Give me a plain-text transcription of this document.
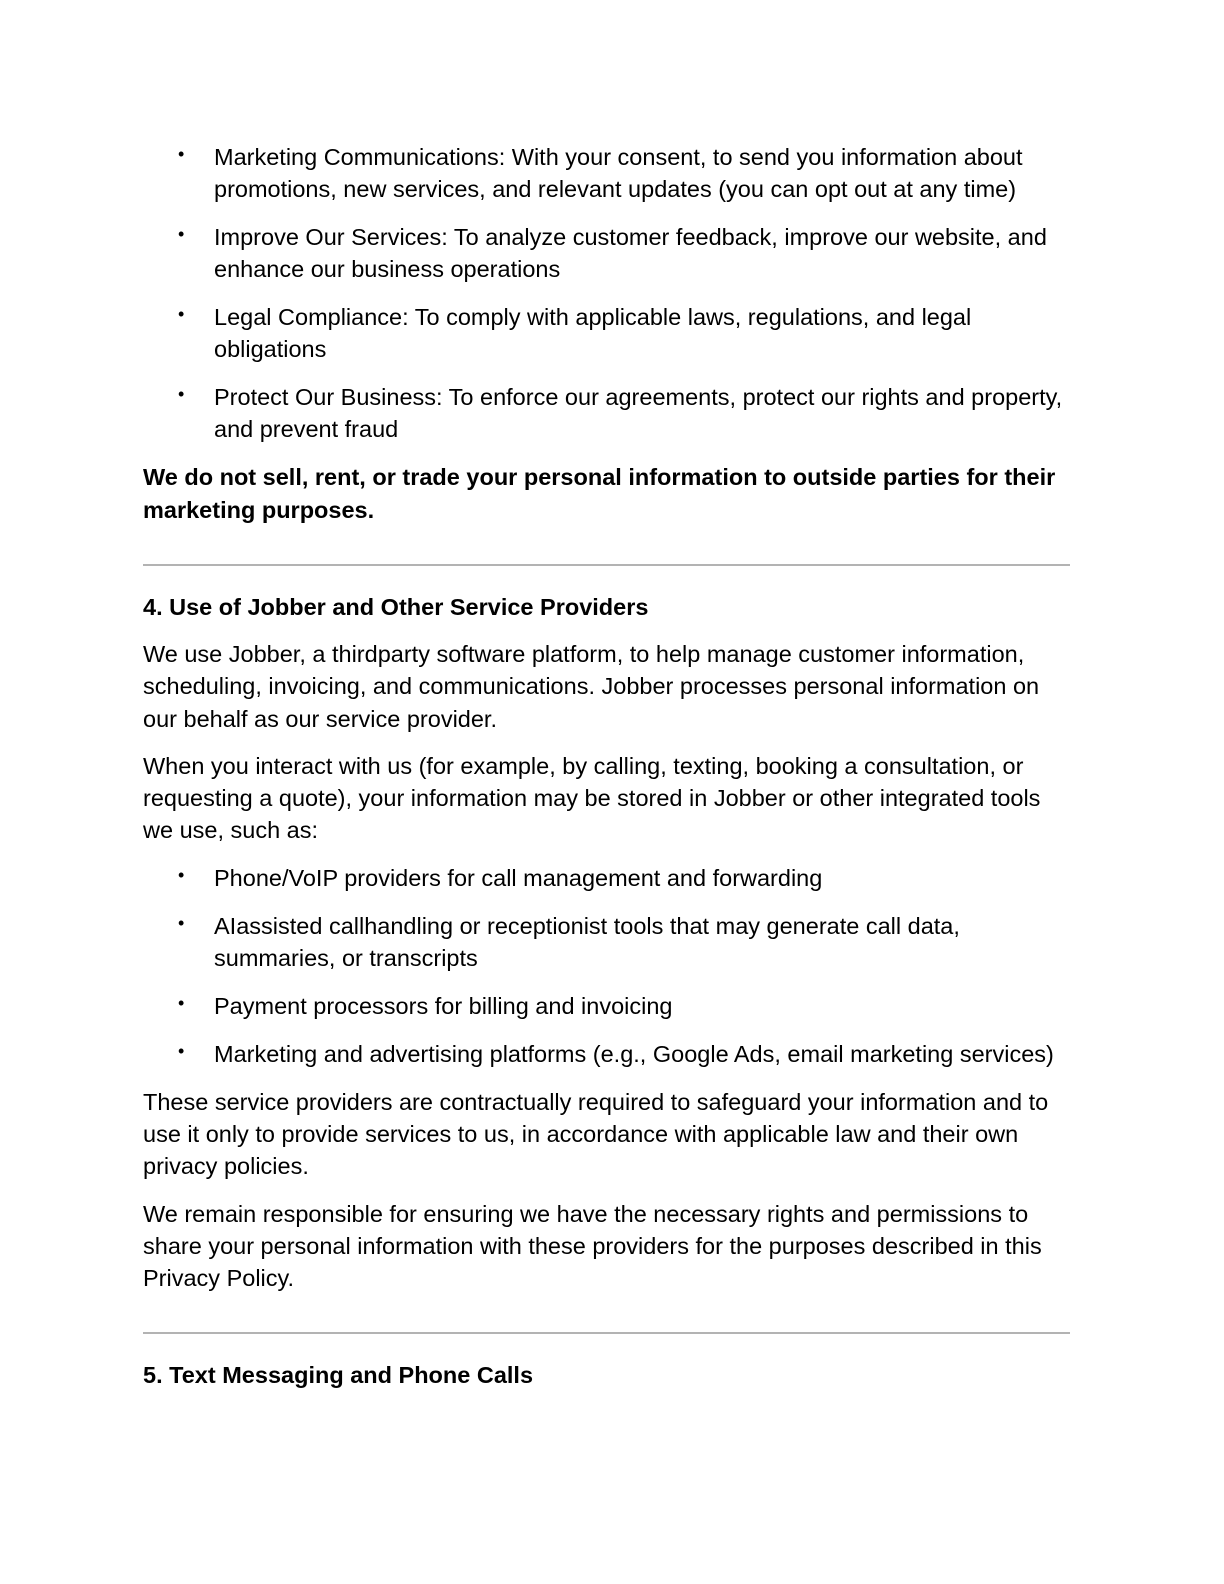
• Marketing Communications: With your consent, to send you information about promotions, new services, and relevant updates (you can opt out at any time)
• Improve Our Services: To analyze customer feedback, improve our website, and enhance our business operations
• Legal Compliance: To comply with applicable laws, regulations, and legal obligations
• Protect Our Business: To enforce our agreements, protect our rights and property, and prevent fraud

We do not sell, rent, or trade your personal information to outside parties for their marketing purposes.

4. Use of Jobber and Other Service Providers

We use Jobber, a thirdparty software platform, to help manage customer information, scheduling, invoicing, and communications. Jobber processes personal information on our behalf as our service provider.

When you interact with us (for example, by calling, texting, booking a consultation, or requesting a quote), your information may be stored in Jobber or other integrated tools we use, such as:

• Phone/VoIP providers for call management and forwarding
• AIassisted callhandling or receptionist tools that may generate call data, summaries, or transcripts
• Payment processors for billing and invoicing
• Marketing and advertising platforms (e.g., Google Ads, email marketing services)

These service providers are contractually required to safeguard your information and to use it only to provide services to us, in accordance with applicable law and their own privacy policies.

We remain responsible for ensuring we have the necessary rights and permissions to share your personal information with these providers for the purposes described in this Privacy Policy.

5. Text Messaging and Phone Calls
